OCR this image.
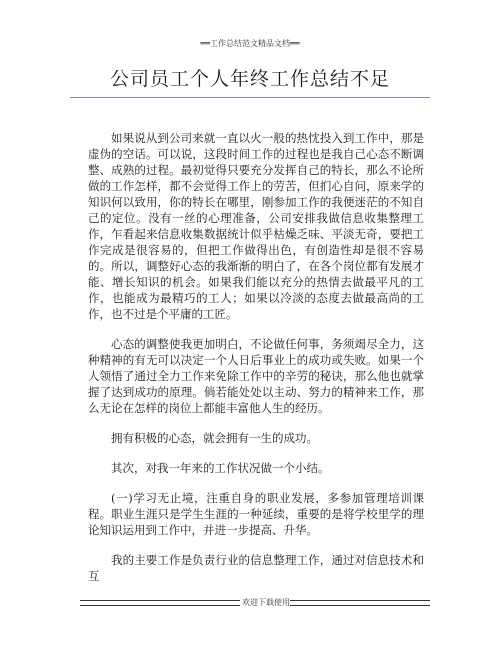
══工作总结范文精品文档══
公司员工个人年终工作总结不足

如果说从到公司来就一直以火一般的热忱投入到工作中，那是虚伪的空话。可以说，这段时间工作的过程也是我自己心态不断调整、成熟的过程。最初觉得只要充分发挥自己的特长，那么不论所做的工作怎样，都不会觉得工作上的劳苦，但扪心自问，原来学的知识何以致用，你的特长在哪里，刚参加工作的我便迷茫的不知自己的定位。没有一丝的心理准备，公司安排我做信息收集整理工作，乍看起来信息收集数据统计似乎枯燥乏味、平淡无奇，要把工作完成是很容易的，但把工作做得出色，有创造性却是很不容易的。所以，调整好心态的我渐渐的明白了，在各个岗位都有发展才能、增长知识的机会。如果我们能以充分的热情去做最平凡的工作，也能成为最精巧的工人；如果以冷淡的态度去做最高尚的工作，也不过是个平庸的工匠。

心态的调整使我更加明白，不论做任何事，务须竭尽全力，这种精神的有无可以决定一个人日后事业上的成功或失败。如果一个人领悟了通过全力工作来免除工作中的辛劳的秘诀，那么他也就掌握了达到成功的原理。倘若能处处以主动、努力的精神来工作，那么无论在怎样的岗位上都能丰富他人生的经历。

拥有积极的心态，就会拥有一生的成功。

其次，对我一年来的工作状况做一个小结。

(一)学习无止境，注重自身的职业发展，多参加管理培训课程。职业生涯只是学生生涯的一种延续，重要的是将学校里学的理论知识运用到工作中，并进一步提高、升华。

我的主要工作是负责行业的信息整理工作，通过对信息技术和互

欢迎下载使用
